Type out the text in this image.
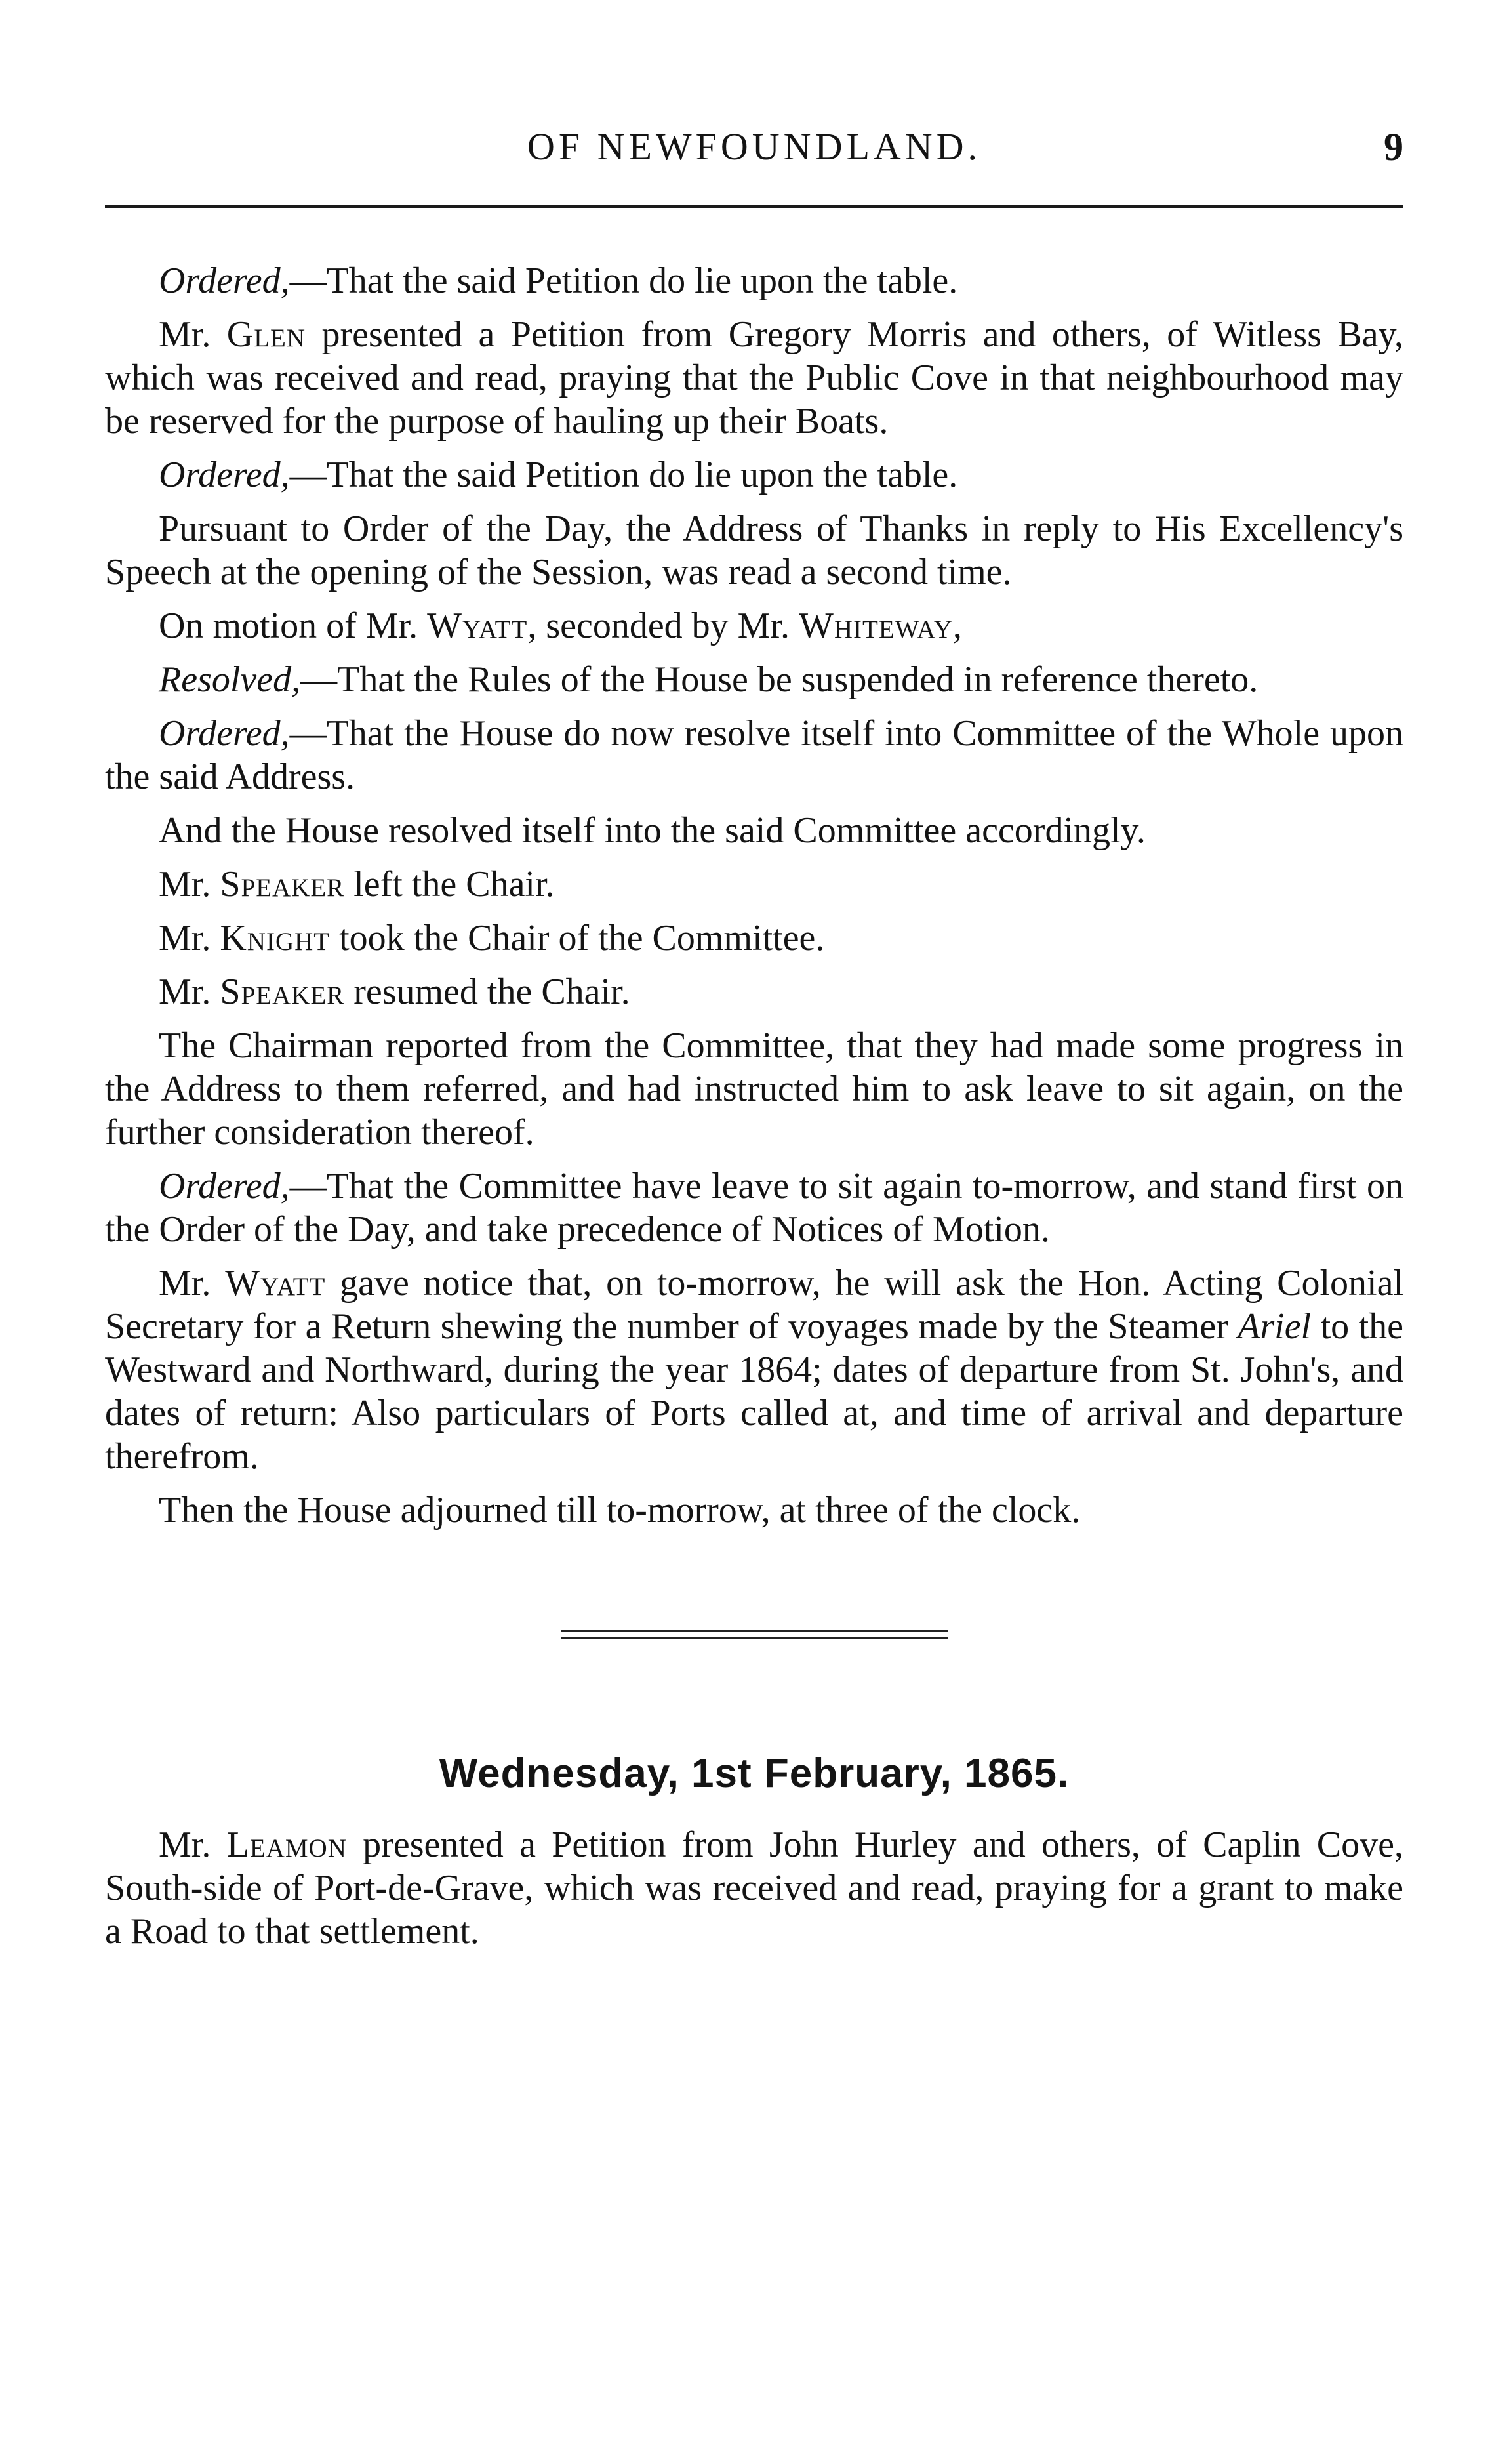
OF NEWFOUNDLAND.	9

Ordered,—That the said Petition do lie upon the table.

Mr. Glen presented a Petition from Gregory Morris and others, of Witless Bay, which was received and read, praying that the Public Cove in that neighbourhood may be reserved for the purpose of hauling up their Boats.

Ordered,—That the said Petition do lie upon the table.

Pursuant to Order of the Day, the Address of Thanks in reply to His Excellency's Speech at the opening of the Session, was read a second time.

On motion of Mr. Wyatt, seconded by Mr. Whiteway,

Resolved,—That the Rules of the House be suspended in reference thereto.

Ordered,—That the House do now resolve itself into Committee of the Whole upon the said Address.

And the House resolved itself into the said Committee accordingly.

Mr. Speaker left the Chair.

Mr. Knight took the Chair of the Committee.

Mr. Speaker resumed the Chair.

The Chairman reported from the Committee, that they had made some progress in the Address to them referred, and had instructed him to ask leave to sit again, on the further consideration thereof.

Ordered,—That the Committee have leave to sit again to-morrow, and stand first on the Order of the Day, and take precedence of Notices of Motion.

Mr. Wyatt gave notice that, on to-morrow, he will ask the Hon. Acting Colonial Secretary for a Return shewing the number of voyages made by the Steamer Ariel to the Westward and Northward, during the year 1864; dates of departure from St. John's, and dates of return: Also particulars of Ports called at, and time of arrival and departure therefrom.

Then the House adjourned till to-morrow, at three of the clock.

Wednesday, 1st February, 1865.

Mr. Leamon presented a Petition from John Hurley and others, of Caplin Cove, South-side of Port-de-Grave, which was received and read, praying for a grant to make a Road to that settlement.
